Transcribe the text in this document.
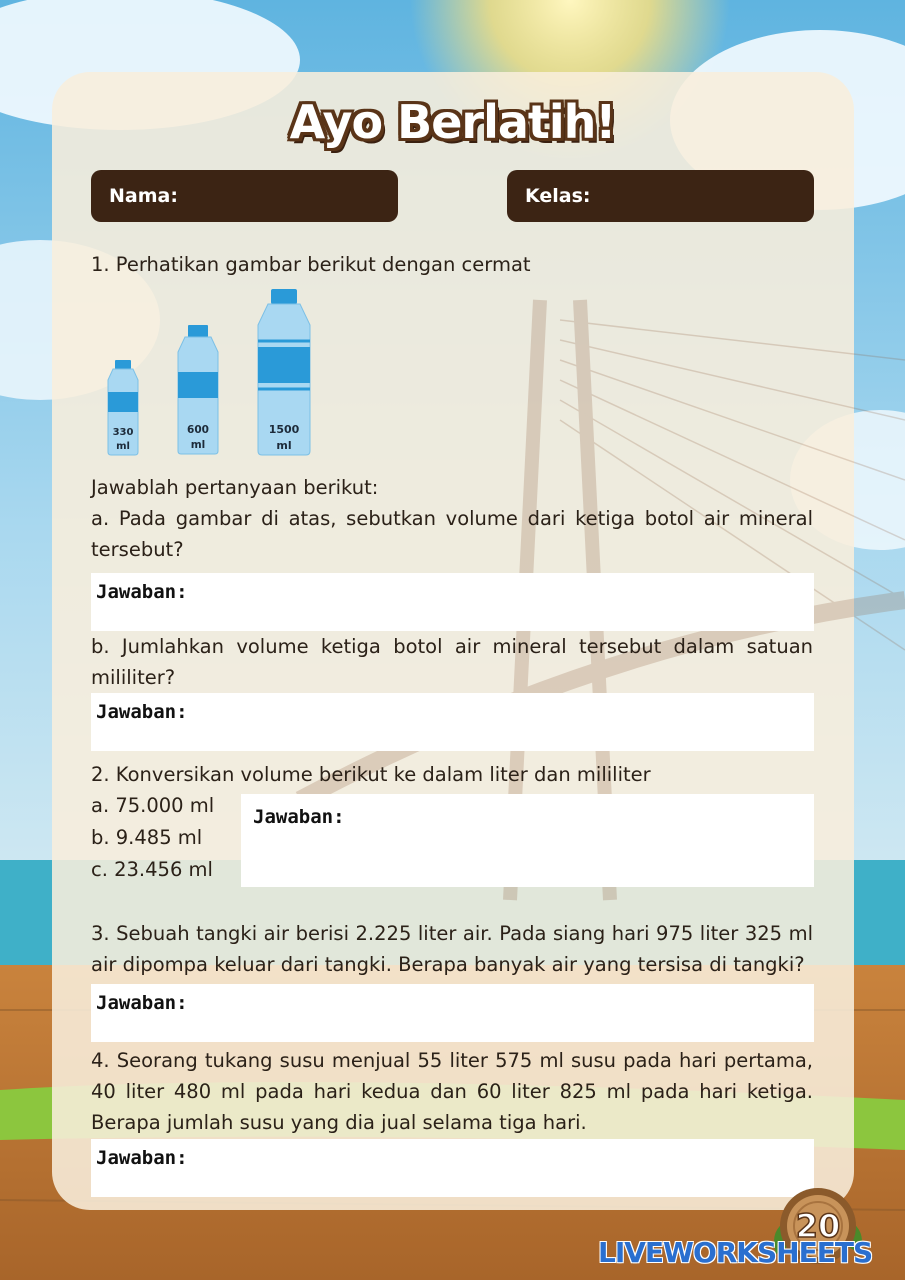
Ayo Berlatih!
Nama:	Kelas:
1. Perhatikan gambar berikut dengan cermat
330
ml
600
ml
1500
ml
Jawablah pertanyaan berikut:
a. Pada gambar di atas, sebutkan volume dari ketiga botol air mineral tersebut?
Jawaban:
b. Jumlahkan volume ketiga botol air mineral tersebut dalam satuan mililiter?
Jawaban:
2. Konversikan volume berikut ke dalam liter dan mililiter
a. 75.000 ml
b. 9.485 ml
c. 23.456 ml
Jawaban:
3. Sebuah tangki air berisi 2.225 liter air. Pada siang hari 975 liter 325 ml air dipompa keluar dari tangki. Berapa banyak air yang tersisa di tangki?
Jawaban:
4. Seorang tukang susu menjual 55 liter 575 ml susu pada hari pertama, 40 liter 480 ml pada hari kedua dan 60 liter 825 ml pada hari ketiga. Berapa jumlah susu yang dia jual selama tiga hari.
Jawaban:
20
LIVEWORKSHEETS
